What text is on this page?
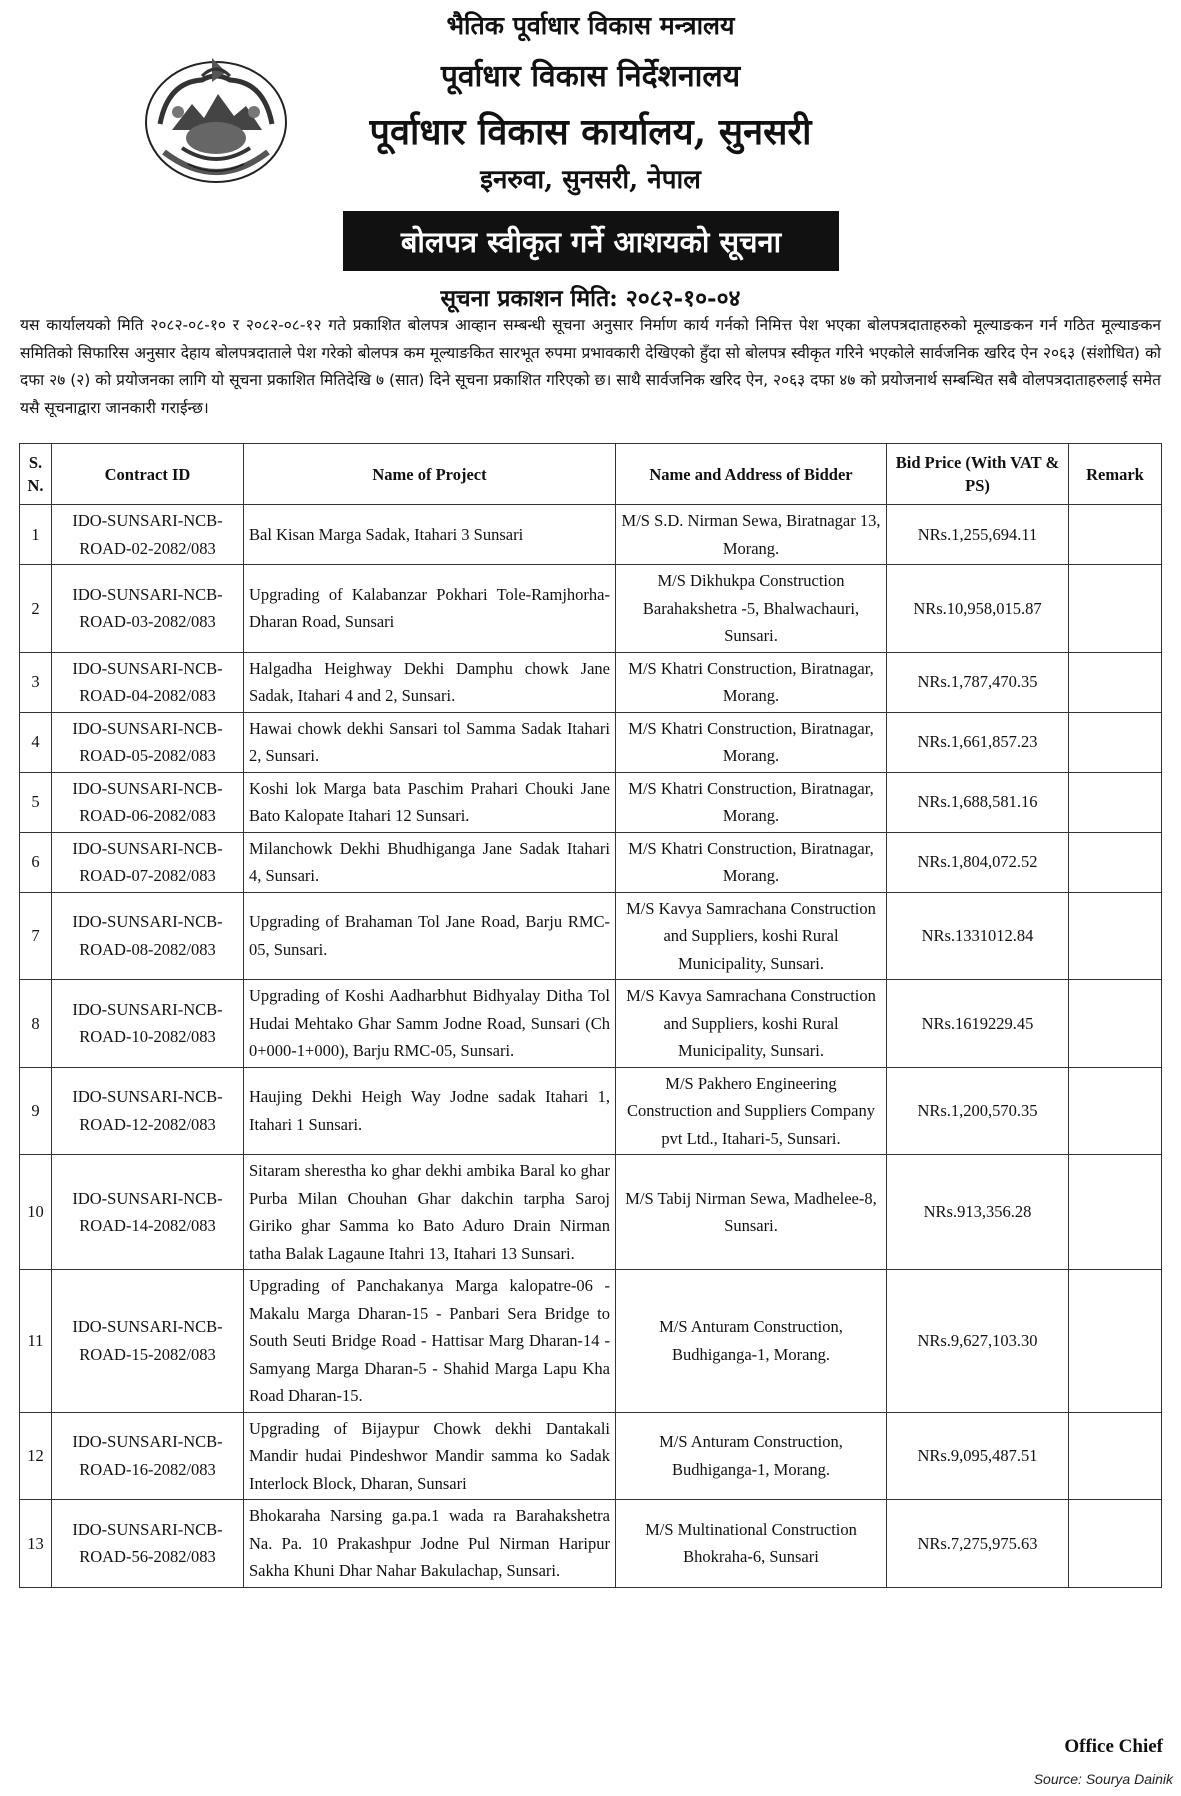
भैतिक पूर्वाधार विकास मन्त्रालय
पूर्वाधार विकास निर्देशनालय
पूर्वाधार विकास कार्यालय, सुनसरी
इनरुवा, सुनसरी, नेपाल
बोलपत्र स्वीकृत गर्ने आशयको सूचना
सूचना प्रकाशन मिति: २०८२-१०-०४
यस कार्यालयको मिति २०८२-०८-१० र २०८२-०८-१२ गते प्रकाशित बोलपत्र आव्हान सम्बन्धी सूचना अनुसार निर्माण कार्य गर्नको निमित्त पेश भएका बोलपत्रदाताहरुको मूल्याङकन गर्न गठित मूल्याङकन समितिको सिफारिस अनुसार देहाय बोलपत्रदाताले पेश गरेको बोलपत्र कम मूल्याङकित सारभूत रुपमा प्रभावकारी देखिएको हुँदा सो बोलपत्र स्वीकृत गरिने भएकोले सार्वजनिक खरिद ऐन २०६३ (संशोधित) को दफा २७ (२) को प्रयोजनका लागि यो सूचना प्रकाशित मितिदेखि ७ (सात) दिने सूचना प्रकाशित गरिएको छ। साथै सार्वजनिक खरिद ऐन, २०६३ दफा ४७ को प्रयोजनार्थ सम्बन्धित सबै वोलपत्रदाताहरुलाई समेत यसै सूचनाद्वारा जानकारी गराईन्छ।
S. N.	Contract ID	Name of Project	Name and Address of Bidder	Bid Price (With VAT & PS)	Remark
1	IDO-SUNSARI-NCB-ROAD-02-2082/083	Bal Kisan Marga Sadak, Itahari 3 Sunsari	M/S S.D. Nirman Sewa, Biratnagar 13, Morang.	NRs.1,255,694.11	
2	IDO-SUNSARI-NCB-ROAD-03-2082/083	Upgrading of Kalabanzar Pokhari Tole-Ramjhorha-Dharan Road, Sunsari	M/S Dikhukpa Construction Barahakshetra -5, Bhalwachauri, Sunsari.	NRs.10,958,015.87	
3	IDO-SUNSARI-NCB-ROAD-04-2082/083	Halgadha Heighway Dekhi Damphu chowk Jane Sadak, Itahari 4 and 2, Sunsari.	M/S Khatri Construction, Biratnagar, Morang.	NRs.1,787,470.35	
4	IDO-SUNSARI-NCB-ROAD-05-2082/083	Hawai chowk dekhi Sansari tol Samma Sadak Itahari 2, Sunsari.	M/S Khatri Construction, Biratnagar, Morang.	NRs.1,661,857.23	
5	IDO-SUNSARI-NCB-ROAD-06-2082/083	Koshi lok Marga bata Paschim Prahari Chouki Jane Bato Kalopate Itahari 12 Sunsari.	M/S Khatri Construction, Biratnagar, Morang.	NRs.1,688,581.16	
6	IDO-SUNSARI-NCB-ROAD-07-2082/083	Milanchowk Dekhi Bhudhiganga Jane Sadak Itahari 4, Sunsari.	M/S Khatri Construction, Biratnagar, Morang.	NRs.1,804,072.52	
7	IDO-SUNSARI-NCB-ROAD-08-2082/083	Upgrading of Brahaman Tol Jane Road, Barju RMC-05, Sunsari.	M/S Kavya Samrachana Construction and Suppliers, koshi Rural Municipality, Sunsari.	NRs.1331012.84	
8	IDO-SUNSARI-NCB-ROAD-10-2082/083	Upgrading of Koshi Aadharbhut Bidhyalay Ditha Tol Hudai Mehtako Ghar Samm Jodne Road, Sunsari (Ch 0+000-1+000), Barju RMC-05, Sunsari.	M/S Kavya Samrachana Construction and Suppliers, koshi Rural Municipality, Sunsari.	NRs.1619229.45	
9	IDO-SUNSARI-NCB-ROAD-12-2082/083	Haujing Dekhi Heigh Way Jodne sadak Itahari 1, Itahari 1 Sunsari.	M/S Pakhero Engineering Construction and Suppliers Company pvt Ltd., Itahari-5, Sunsari.	NRs.1,200,570.35	
10	IDO-SUNSARI-NCB-ROAD-14-2082/083	Sitaram sherestha ko ghar dekhi ambika Baral ko ghar Purba Milan Chouhan Ghar dakchin tarpha Saroj Giriko ghar Samma ko Bato Aduro Drain Nirman tatha Balak Lagaune Itahri 13, Itahari 13 Sunsari.	M/S Tabij Nirman Sewa, Madhelee-8, Sunsari.	NRs.913,356.28	
11	IDO-SUNSARI-NCB-ROAD-15-2082/083	Upgrading of Panchakanya Marga kalopatre-06 - Makalu Marga Dharan-15 - Panbari Sera Bridge to South Seuti Bridge Road - Hattisar Marg Dharan-14 - Samyang Marga Dharan-5 - Shahid Marga Lapu Kha Road Dharan-15.	M/S Anturam Construction, Budhiganga-1, Morang.	NRs.9,627,103.30	
12	IDO-SUNSARI-NCB-ROAD-16-2082/083	Upgrading of Bijaypur Chowk dekhi Dantakali Mandir hudai Pindeshwor Mandir samma ko Sadak Interlock Block, Dharan, Sunsari	M/S Anturam Construction, Budhiganga-1, Morang.	NRs.9,095,487.51	
13	IDO-SUNSARI-NCB-ROAD-56-2082/083	Bhokaraha Narsing ga.pa.1 wada ra Barahakshetra Na. Pa. 10 Prakashpur Jodne Pul Nirman Haripur Sakha Khuni Dhar Nahar Bakulachap, Sunsari.	M/S Multinational Construction Bhokraha-6, Sunsari	NRs.7,275,975.63	
Office Chief
Source: Sourya Dainik
